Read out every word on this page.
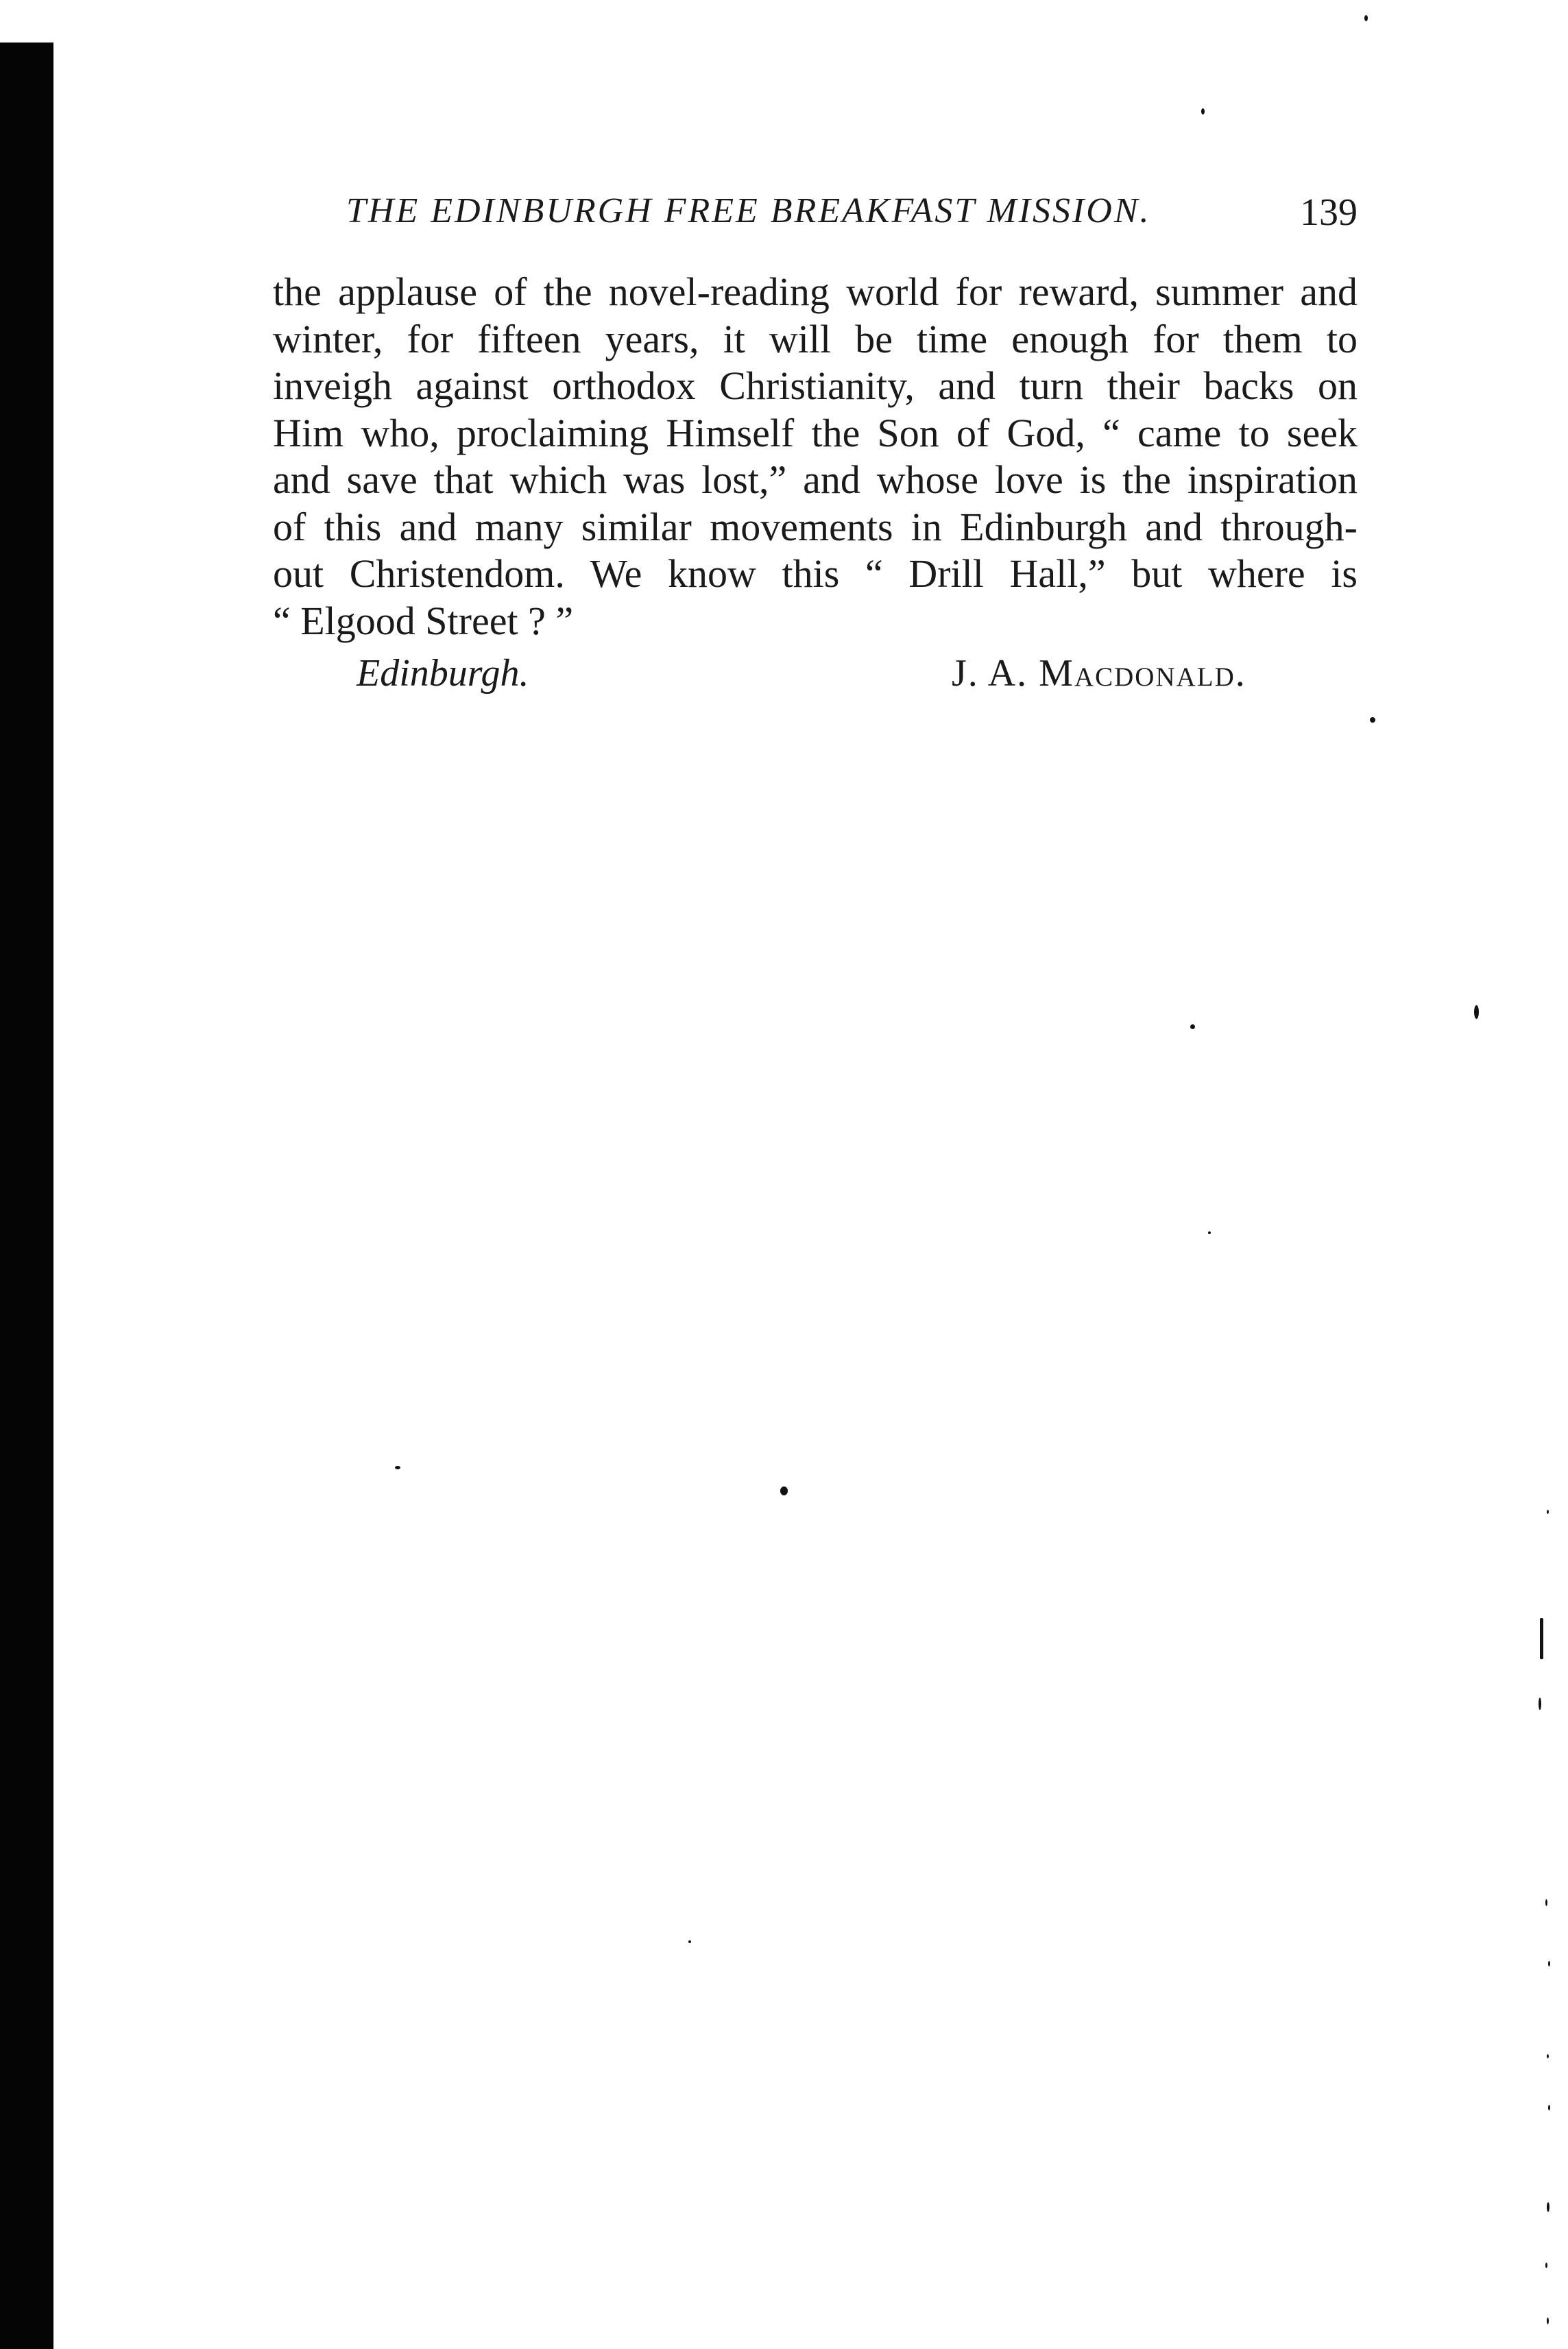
THE EDINBURGH FREE BREAKFAST MISSION.	139
the applause of the novel-reading world for reward, summer and
winter, for fifteen years, it will be time enough for them to
inveigh against orthodox Christianity, and turn their backs on
Him who, proclaiming Himself the Son of God, “ came to seek
and save that which was lost,” and whose love is the inspiration
of this and many similar movements in Edinburgh and through-
out Christendom. We know this “ Drill Hall,” but where is
“ Elgood Street ? ”
Edinburgh.	J. A. Macdonald.
